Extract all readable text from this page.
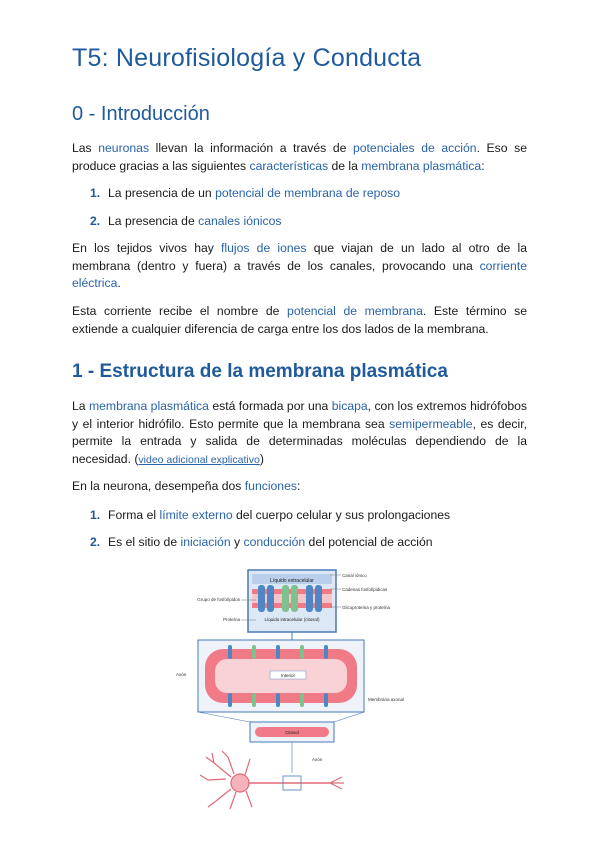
T5: Neurofisiología y Conducta
0 - Introducción

Las neuronas llevan la información a través de potenciales de acción. Eso se produce gracias a las siguientes características de la membrana plasmática:

1. La presencia de un potencial de membrana de reposo
2. La presencia de canales iónicos

En los tejidos vivos hay flujos de iones que viajan de un lado al otro de la membrana (dentro y fuera) a través de los canales, provocando una corriente eléctrica.

Esta corriente recibe el nombre de potencial de membrana. Este término se extiende a cualquier diferencia de carga entre los dos lados de la membrana.

1 - Estructura de la membrana plasmática

La membrana plasmática está formada por una bicapa, con los extremos hidrófobos y el interior hidrófilo. Esto permite que la membrana sea semipermeable, es decir, permite la entrada y salida de determinadas moléculas dependiendo de la necesidad. (video adicional explicativo)

En la neurona, desempeña dos funciones:

1. Forma el límite externo del cuerpo celular y sus prolongaciones
2. Es el sitio de iniciación y conducción del potencial de acción
Líquido extracelular
Líquido intracelular (citosol)
Grupo de fosfolípidos
Proteína
Canal iónico
Cadenas fosfolípidicas
Glicoproteína y proteína
Interior
Axón
Membrana axonal
Citosol
Axón
